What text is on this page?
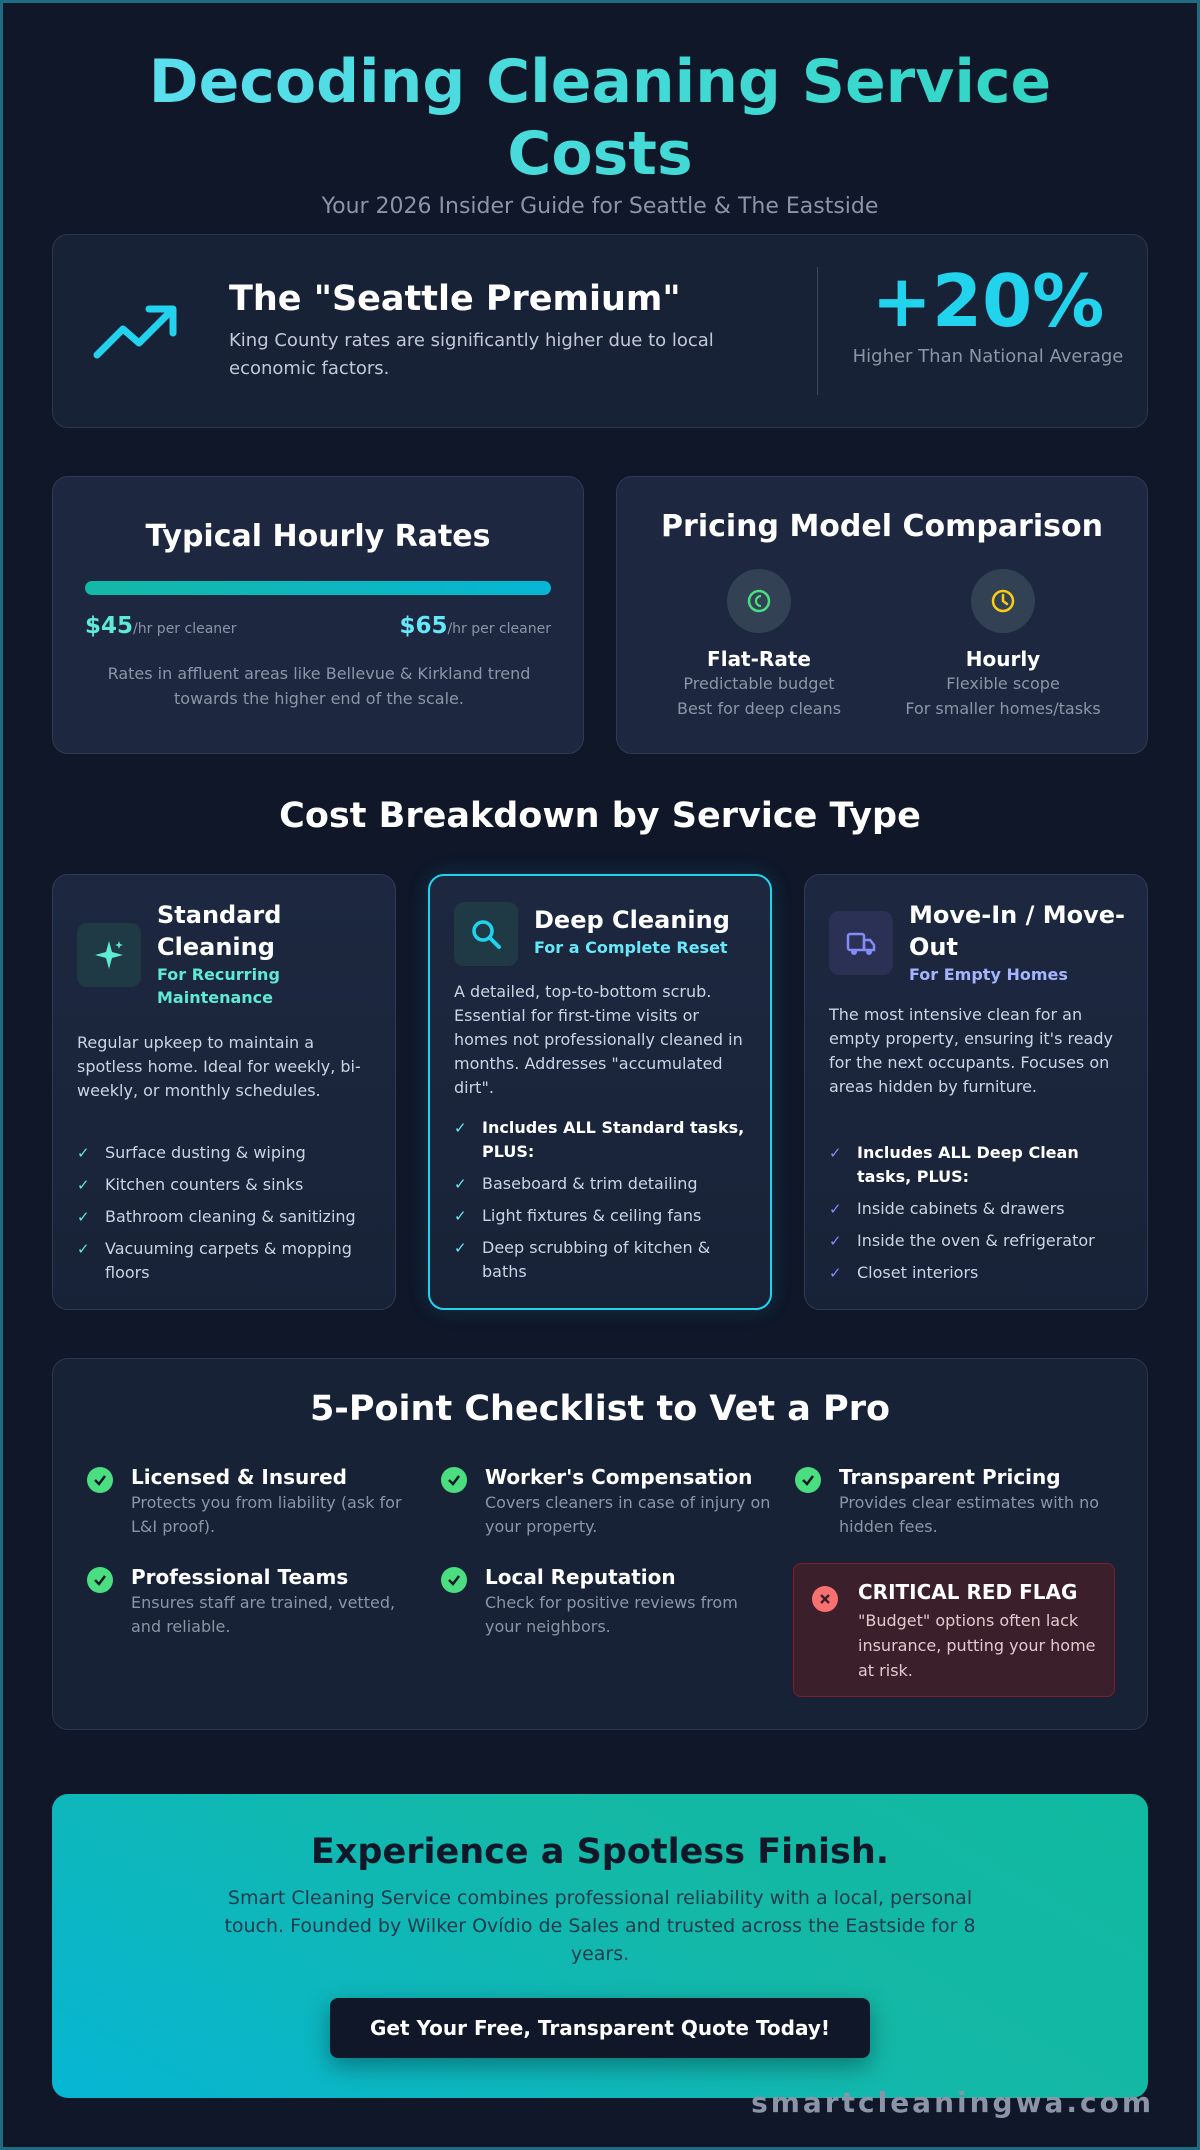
Decoding Cleaning Service Costs
Your 2026 Insider Guide for Seattle & The Eastside
The "Seattle Premium"
King County rates are significantly higher due to local economic factors.
+20%
Higher Than National Average
Typical Hourly Rates
$45/hr per cleaner	$65/hr per cleaner
Rates in affluent areas like Bellevue & Kirkland trend towards the higher end of the scale.
Pricing Model Comparison
Flat-Rate
Predictable budget
Best for deep cleans
Hourly
Flexible scope
For smaller homes/tasks
Cost Breakdown by Service Type
Standard Cleaning
For Recurring Maintenance
Regular upkeep to maintain a spotless home. Ideal for weekly, bi-weekly, or monthly schedules.
✓ Surface dusting & wiping
✓ Kitchen counters & sinks
✓ Bathroom cleaning & sanitizing
✓ Vacuuming carpets & mopping floors
Deep Cleaning
For a Complete Reset
A detailed, top-to-bottom scrub. Essential for first-time visits or homes not professionally cleaned in months. Addresses "accumulated dirt".
✓ Includes ALL Standard tasks, PLUS:
✓ Baseboard & trim detailing
✓ Light fixtures & ceiling fans
✓ Deep scrubbing of kitchen & baths
Move-In / Move-Out
For Empty Homes
The most intensive clean for an empty property, ensuring it's ready for the next occupants. Focuses on areas hidden by furniture.
✓ Includes ALL Deep Clean tasks, PLUS:
✓ Inside cabinets & drawers
✓ Inside the oven & refrigerator
✓ Closet interiors
5-Point Checklist to Vet a Pro
Licensed & Insured
Protects you from liability (ask for L&I proof).
Worker's Compensation
Covers cleaners in case of injury on your property.
Transparent Pricing
Provides clear estimates with no hidden fees.
Professional Teams
Ensures staff are trained, vetted, and reliable.
Local Reputation
Check for positive reviews from your neighbors.
CRITICAL RED FLAG
"Budget" options often lack insurance, putting your home at risk.
Experience a Spotless Finish.

Smart Cleaning Service combines professional reliability with a local, personal touch. Founded by Wilker Ovídio de Sales and trusted across the Eastside for 8 years.

Get Your Free, Transparent Quote Today!
smartcleaningwa.com
